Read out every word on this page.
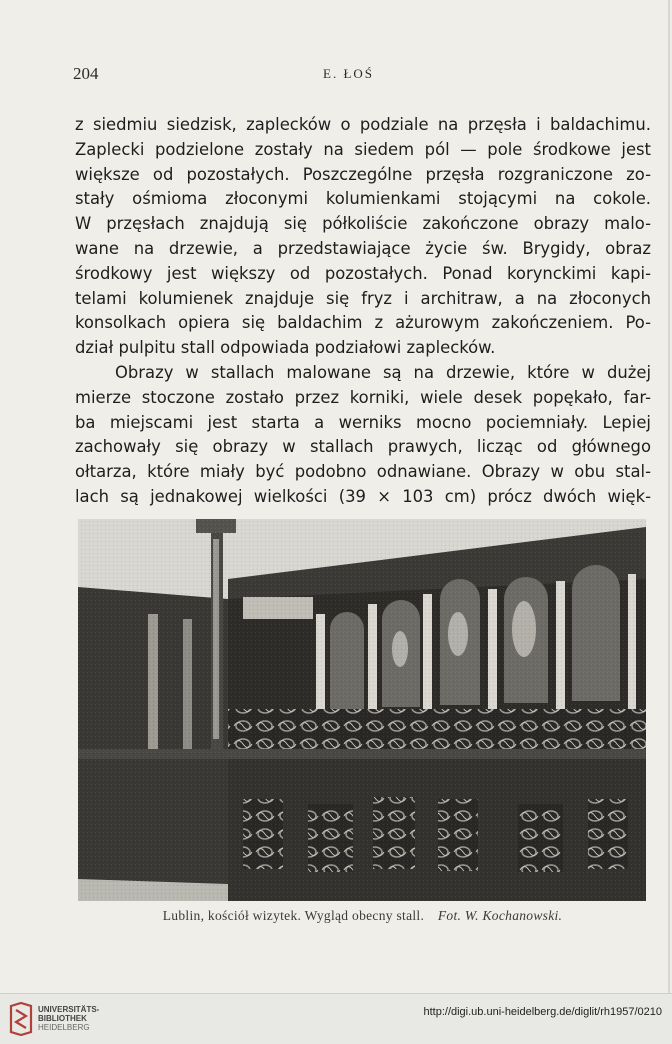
204	E. ŁOŚ

z siedmiu siedzisk, zaplecków o podziale na przęsła i baldachimu.
Zaplecki podzielone zostały na siedem pól — pole środkowe jest
większe od pozostałych. Poszczególne przęsła rozgraniczone zo-
stały ośmioma złoconymi kolumienkami stojącymi na cokole.
W przęsłach znajdują się półkoliście zakończone obrazy malo-
wane na drzewie, a przedstawiające życie św. Brygidy, obraz
środkowy jest większy od pozostałych. Ponad korynckimi kapi-
telami kolumienek znajduje się fryz i architraw, a na złoconych
konsolkach opiera się baldachim z ażurowym zakończeniem. Po-
dział pulpitu stall odpowiada podziałowi zaplecków.

Obrazy w stallach malowane są na drzewie, które w dużej
mierze stoczone zostało przez korniki, wiele desek popękało, far-
ba miejscami jest starta a werniks mocno pociemniały. Lepiej
zachowały się obrazy w stallach prawych, licząc od głównego
ołtarza, które miały być podobno odnawiane. Obrazy w obu stal-
lach są jednakowej wielkości (39 × 103 cm) prócz dwóch więk-

Lublin, kościół wizytek. Wygląd obecny stall. Fot. W. Kochanowski.
UNIVERSITÄTS-
BIBLIOTHEK
HEIDELBERG
http://digi.ub.uni-heidelberg.de/diglit/rh1957/0210
